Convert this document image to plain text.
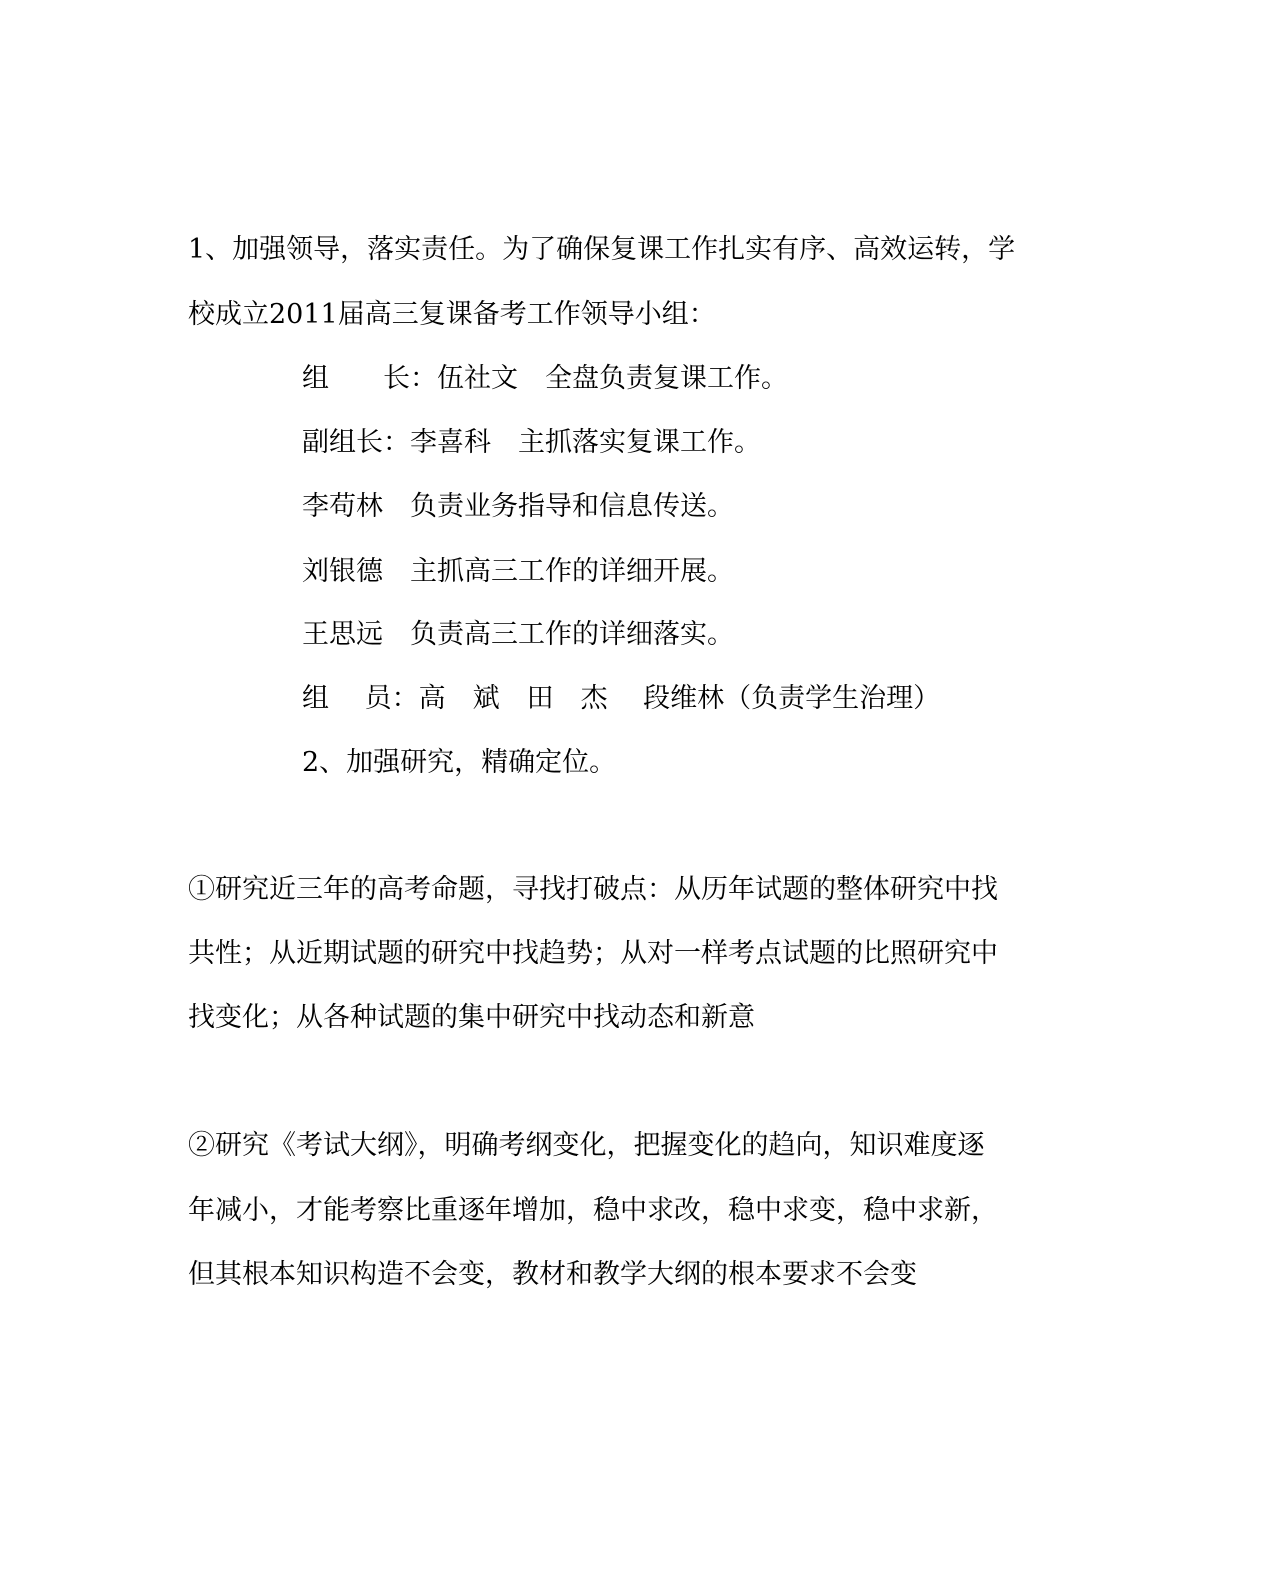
1、加强领导，落实责任。为了确保复课工作扎实有序、高效运转，学
校成立2011届高三复课备考工作领导小组：
组　　长：伍社文　全盘负责复课工作。
副组长：李喜科　主抓落实复课工作。
李苟林　负责业务指导和信息传送。
刘银德　主抓高三工作的详细开展。
王思远　负责高三工作的详细落实。
组　 员：高　斌　田　杰　 段维林（负责学生治理）
2、加强研究，精确定位。
①研究近三年的高考命题，寻找打破点：从历年试题的整体研究中找
共性；从近期试题的研究中找趋势；从对一样考点试题的比照研究中
找变化；从各种试题的集中研究中找动态和新意
②研究《考试大纲》，明确考纲变化，把握变化的趋向，知识难度逐
年减小，才能考察比重逐年增加，稳中求改，稳中求变，稳中求新，
但其根本知识构造不会变，教材和教学大纲的根本要求不会变
